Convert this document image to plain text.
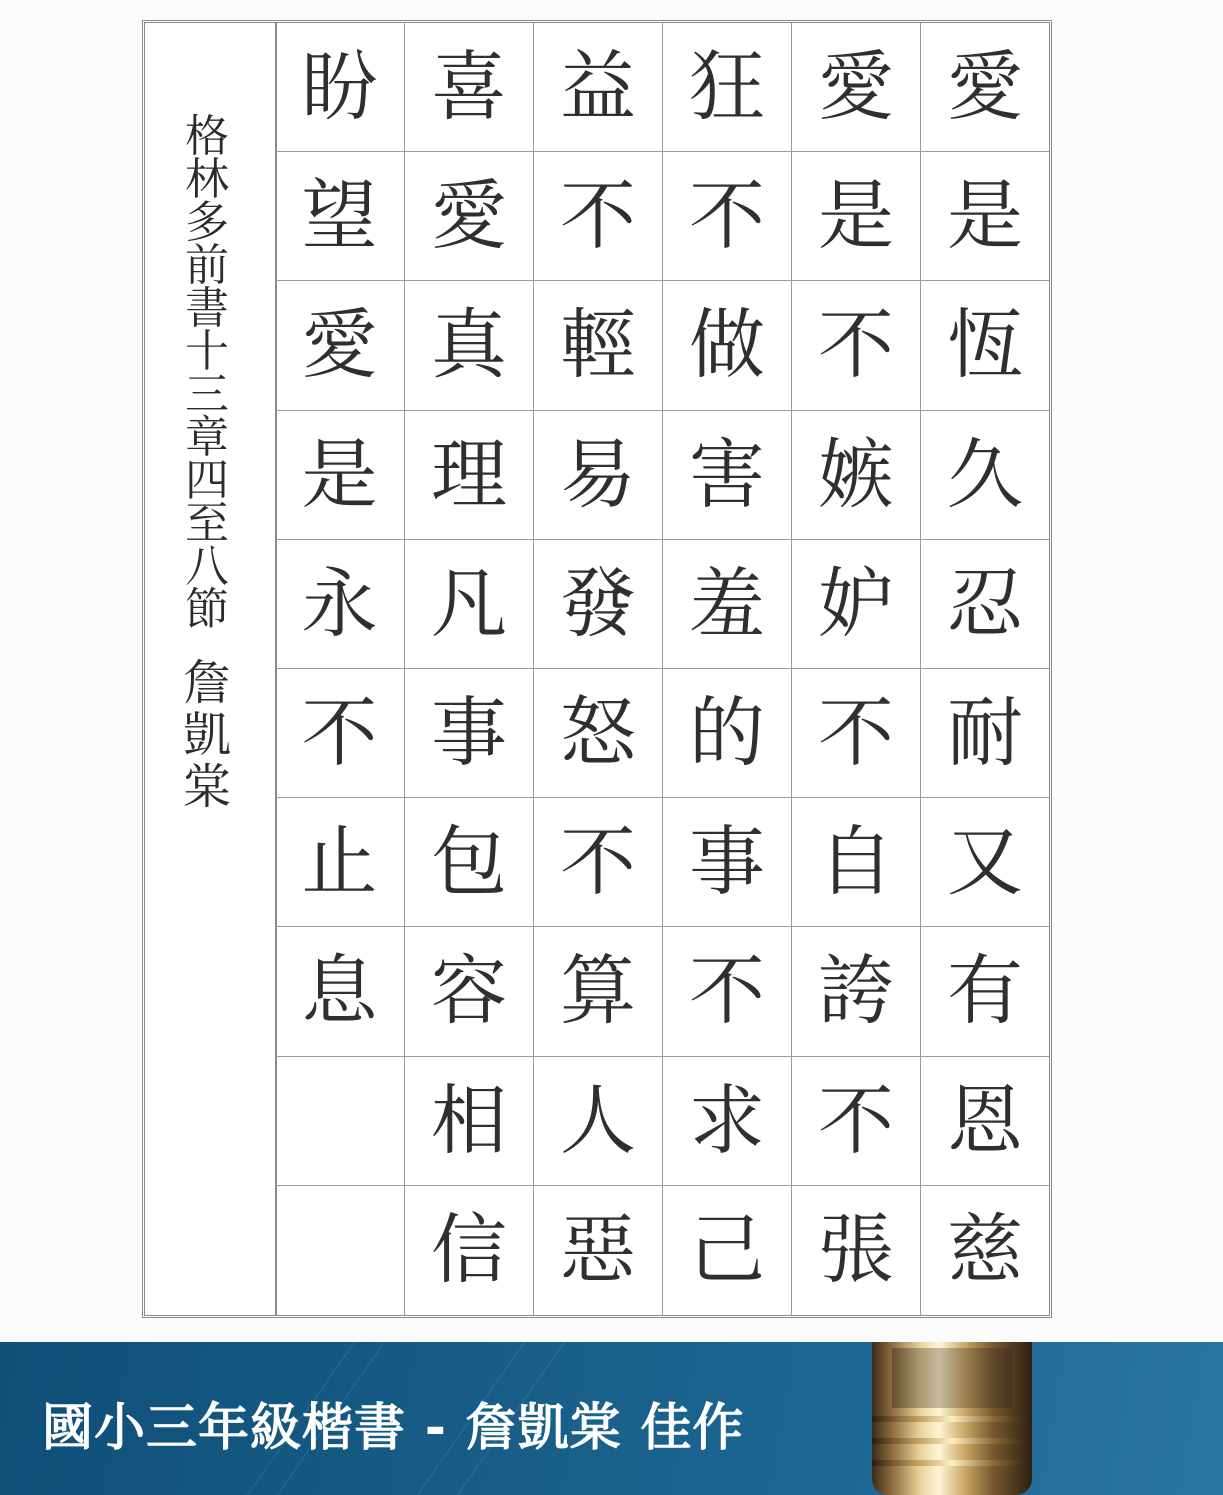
格林多前書十三章四至八節
詹凱棠
愛
是
恆
久
忍
耐
又
有
恩
慈
愛
是
不
嫉
妒
不
自
誇
不
張
狂
不
做
害
羞
的
事
不
求
己
益
不
輕
易
發
怒
不
算
人
惡
喜
愛
真
理
凡
事
包
容
相
信
盼
望
愛
是
永
不
止
息
國小三年級楷書 - 詹凱棠 佳作
